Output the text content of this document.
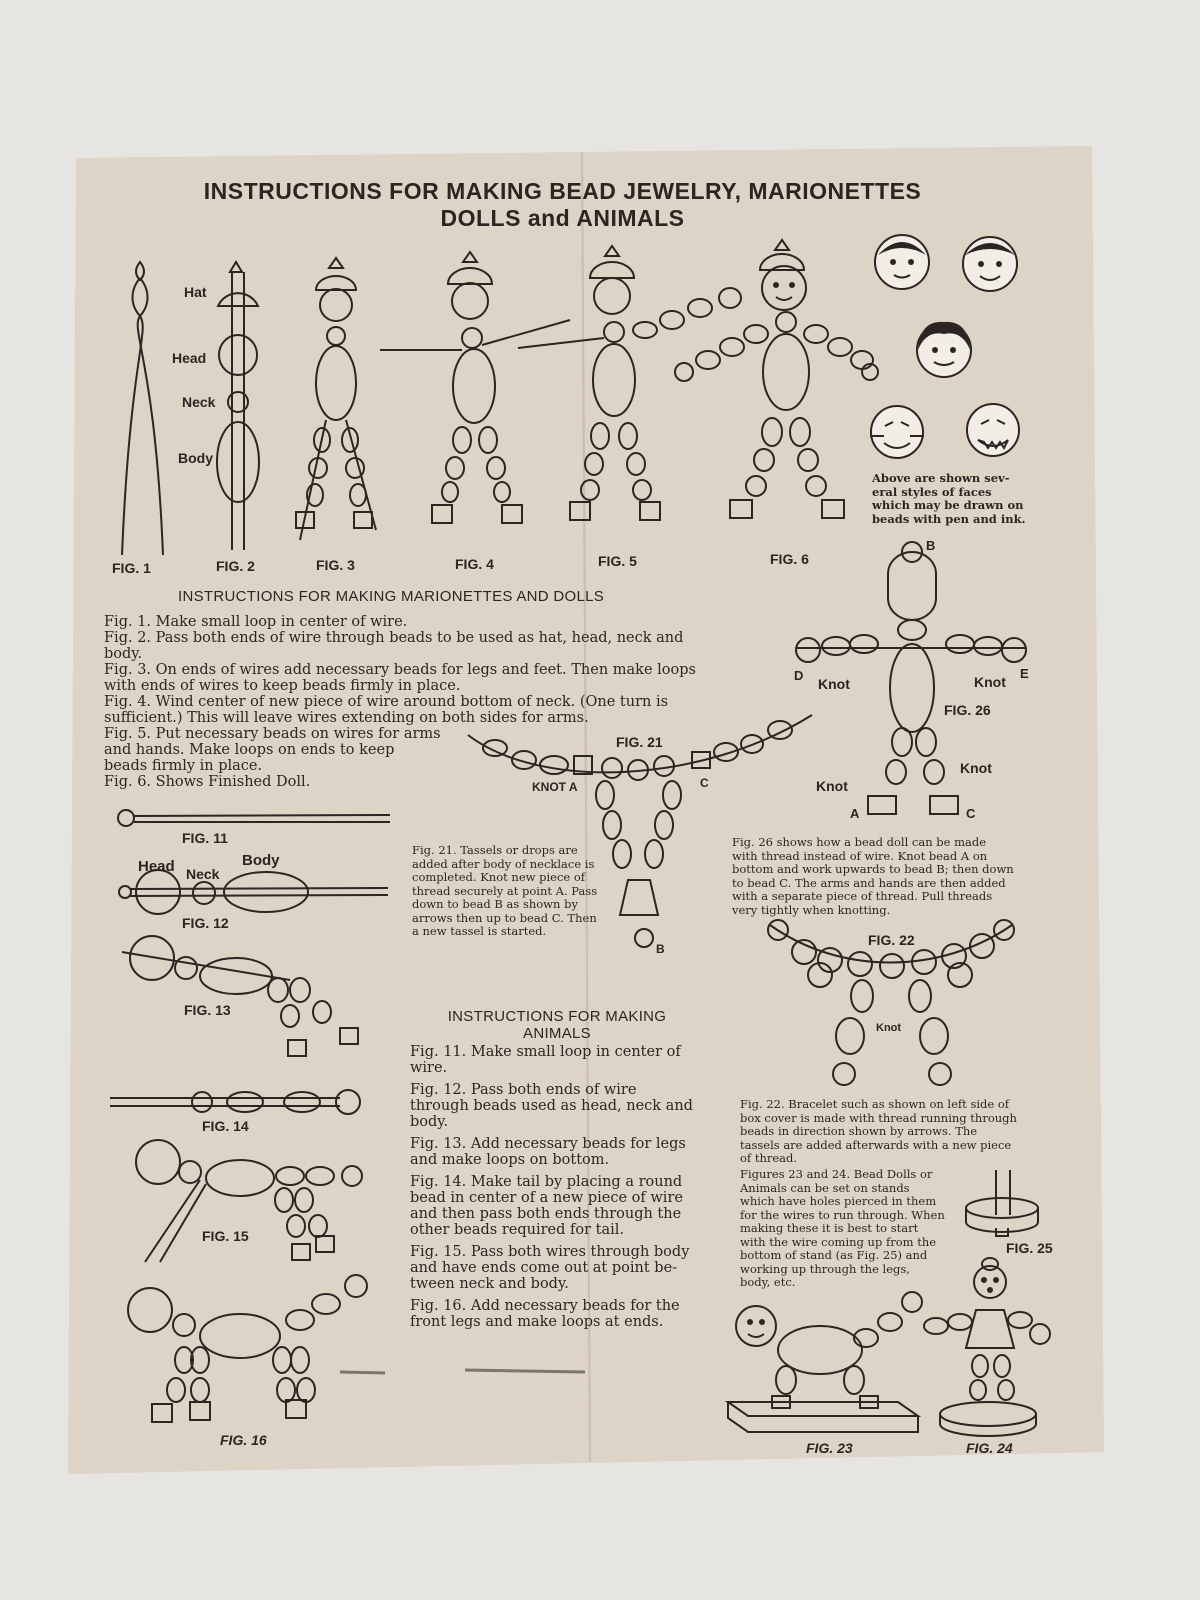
INSTRUCTIONS FOR MAKING BEAD JEWELRY, MARIONETTES
DOLLS and ANIMALS
Hat
Head
Neck
Body
FIG. 1	FIG. 2	FIG. 3	FIG. 4	FIG. 5	FIG. 6
Above are shown sev-
eral styles of faces
which may be drawn on
beads with pen and ink.
INSTRUCTIONS FOR MAKING MARIONETTES AND DOLLS
Fig. 1. Make small loop in center of wire.
Fig. 2. Pass both ends of wire through beads to be used as hat, head, neck and
body.
Fig. 3. On ends of wires add necessary beads for legs and feet. Then make loops
with ends of wires to keep beads firmly in place.
Fig. 4. Wind center of new piece of wire around bottom of neck. (One turn is
sufficient.) This will leave wires extending on both sides for arms.
Fig. 5. Put necessary beads on wires for arms
and hands. Make loops on ends to keep
beads firmly in place.
Fig. 6. Shows Finished Doll.
FIG. 21
KNOT A	C
B
Fig. 21. Tassels or drops are
added after body of necklace is
completed. Knot new piece of
thread securely at point A. Pass
down to bead B as shown by
arrows then up to bead C. Then
a new tassel is started.
B
D
Knot	Knot
E
FIG. 26
Knot
Knot
A	C
Fig. 26 shows how a bead doll can be made
with thread instead of wire. Knot bead A on
bottom and work upwards to bead B; then down
to bead C. The arms and hands are then added
with a separate piece of thread. Pull threads
very tightly when knotting.
FIG. 22
Knot
Fig. 22. Bracelet such as shown on left side of
box cover is made with thread running through
beads in direction shown by arrows. The
tassels are added afterwards with a new piece
of thread.
Figures 23 and 24. Bead Dolls or
Animals can be set on stands
which have holes pierced in them
for the wires to run through. When
making these it is best to start
with the wire coming up from the
bottom of stand (as Fig. 25) and
working up through the legs,
body, etc.
FIG. 25
FIG. 23	FIG. 24
FIG. 11
Head Neck
Body
FIG. 12
FIG. 13
FIG. 14
FIG. 15
FIG. 16
INSTRUCTIONS FOR MAKING
ANIMALS
Fig. 11. Make small loop in center of
wire.
Fig. 12. Pass both ends of wire
through beads used as head, neck and
body.
Fig. 13. Add necessary beads for legs
and make loops on bottom.
Fig. 14. Make tail by placing a round
bead in center of a new piece of wire
and then pass both ends through the
other beads required for tail.
Fig. 15. Pass both wires through body
and have ends come out at point be-
tween neck and body.
Fig. 16. Add necessary beads for the
front legs and make loops at ends.
